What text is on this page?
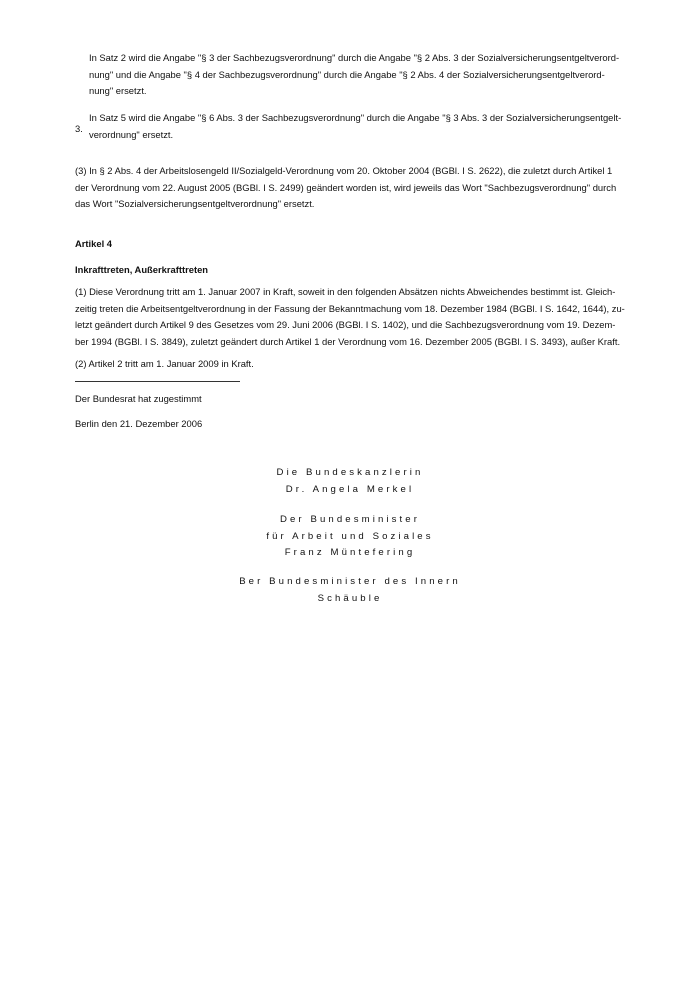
In Satz 2 wird die Angabe "§ 3 der Sachbezugsverordnung" durch die Angabe "§ 2 Abs. 3 der Sozialversicherungsentgeltverord- nung" und die Angabe "§ 4 der Sachbezugsverordnung" durch die Angabe "§ 2 Abs. 4 der Sozialversicherungsentgeltverord- nung" ersetzt.

3.

In Satz 5 wird die Angabe "§ 6 Abs. 3 der Sachbezugsverordnung" durch die Angabe "§ 3 Abs. 3 der Sozialversicherungsentgelt- verordnung" ersetzt.

(3) In § 2 Abs. 4 der Arbeitslosengeld II/Sozialgeld-Verordnung vom 20. Oktober 2004 (BGBl. I S. 2622), die zuletzt durch Artikel 1 der Verordnung vom 22. August 2005 (BGBl. I S. 2499) geändert worden ist, wird jeweils das Wort "Sachbezugsverordnung" durch das Wort "Sozialversicherungsentgeltverordnung" ersetzt.

Artikel 4
Inkrafttreten, Außerkrafttreten

(1) Diese Verordnung tritt am 1. Januar 2007 in Kraft, soweit in den folgenden Absätzen nichts Abweichendes bestimmt ist. Gleich- zeitig treten die Arbeitsentgeltverordnung in der Fassung der Bekanntmachung vom 18. Dezember 1984 (BGBl. I S. 1642, 1644), zu- letzt geändert durch Artikel 9 des Gesetzes vom 29. Juni 2006 (BGBl. I S. 1402), und die Sachbezugsverordnung vom 19. Dezem- ber 1994 (BGBl. I S. 3849), zuletzt geändert durch Artikel 1 der Verordnung vom 16. Dezember 2005 (BGBl. I S. 3493), außer Kraft.

(2) Artikel 2 tritt am 1. Januar 2009 in Kraft.

Der Bundesrat hat zugestimmt

Berlin den 21. Dezember 2006

Die Bundeskanzlerin
Dr. Angela Merkel
Der Bundesminister
für Arbeit und Soziales
Franz Müntefering
Ber Bundesminister des Innern
Schäuble
